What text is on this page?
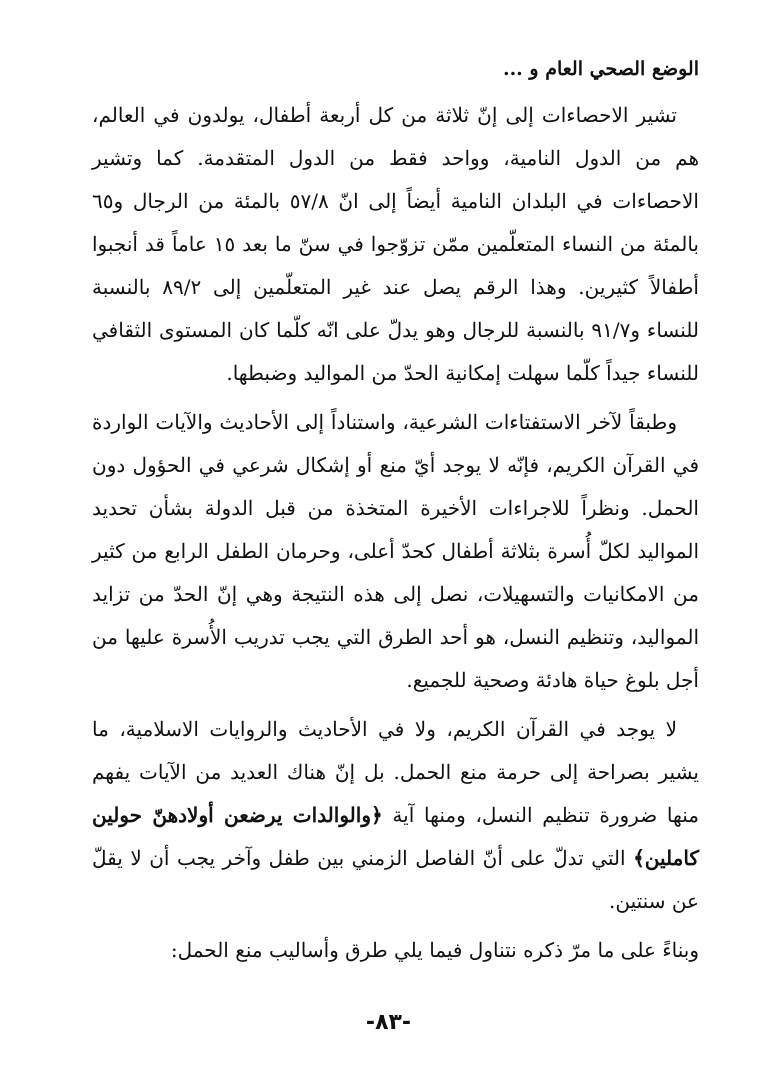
الوضع الصحي العام و ...

تشير الاحصاءات إلى إنّ ثلاثة من كل أربعة أطفال، يولدون في العالم، هم من الدول النامية، وواحد فقط من الدول المتقدمة. كما وتشير الاحصاءات في البلدان النامية أيضاً إلى انّ ٥٧/٨ بالمئة من الرجال و٦٥ بالمئة من النساء المتعلّمين ممّن تزوّجوا في سنّ ما بعد ١٥ عاماً قد أنجبوا أطفالاً كثيرين. وهذا الرقم يصل عند غير المتعلّمين إلى ٨٩/٢ بالنسبة للنساء و٩١/٧ بالنسبة للرجال وهو يدلّ على انّه كلّما كان المستوى الثقافي للنساء جيداً كلّما سهلت إمكانية الحدّ من المواليد وضبطها.

وطبقاً لآخر الاستفتاءات الشرعية، واستناداً إلى الأحاديث والآيات الواردة في القرآن الكريم، فإنّه لا يوجد أيّ منع أو إشكال شرعي في الحؤول دون الحمل. ونظراً للاجراءات الأخيرة المتخذة من قبل الدولة بشأن تحديد المواليد لكلّ أُسرة بثلاثة أطفال كحدّ أعلى، وحرمان الطفل الرابع من كثير من الامكانيات والتسهيلات، نصل إلى هذه النتيجة وهي إنّ الحدّ من تزايد المواليد، وتنظيم النسل، هو أحد الطرق التي يجب تدريب الأُسرة عليها من أجل بلوغ حياة هادئة وصحية للجميع.

لا يوجد في القرآن الكريم، ولا في الأحاديث والروايات الاسلامية، ما يشير بصراحة إلى حرمة منع الحمل. بل إنّ هناك العديد من الآيات يفهم منها ضرورة تنظيم النسل، ومنها آية ﴿والوالدات يرضعن أولادهنّ حولين كاملين﴾ التي تدلّ على أنّ الفاصل الزمني بين طفل وآخر يجب أن لا يقلّ عن سنتين.

وبناءً على ما مرّ ذكره نتناول فيما يلي طرق وأساليب منع الحمل:

-٨٣-
